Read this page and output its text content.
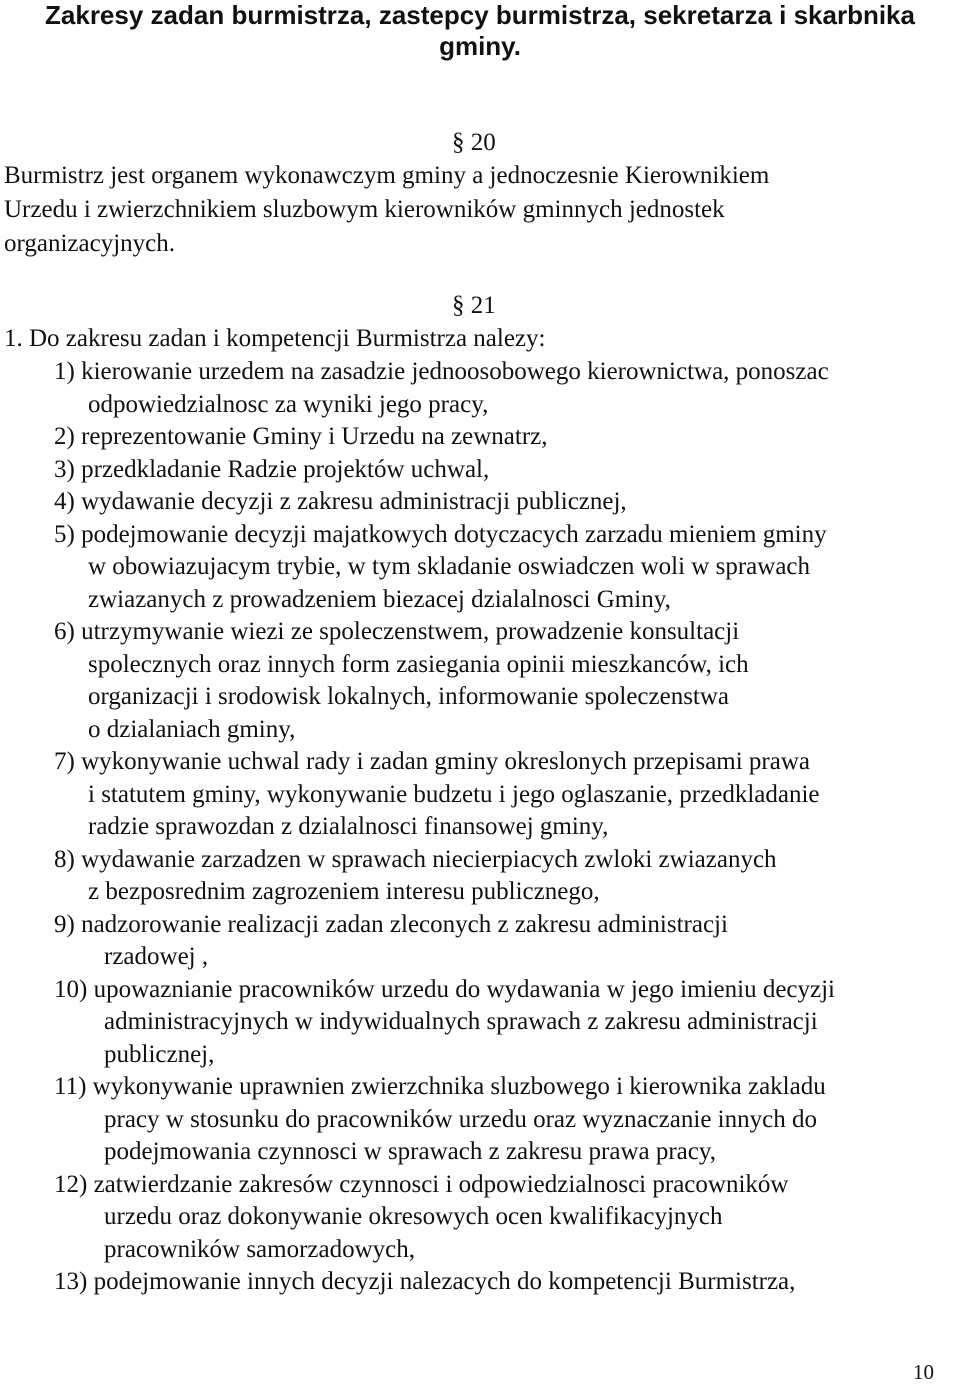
Zakresy zadan burmistrza, zastepcy burmistrza, sekretarza i skarbnika
gminy.
§ 20
Burmistrz jest organem wykonawczym gminy a jednoczesnie Kierownikiem
Urzedu i zwierzchnikiem sluzbowym kierowników gminnych jednostek
organizacyjnych.
§ 21
1. Do zakresu zadan i kompetencji Burmistrza nalezy:
1) kierowanie urzedem na zasadzie jednoosobowego kierownictwa, ponoszac
odpowiedzialnosc za wyniki jego pracy,
2) reprezentowanie Gminy i Urzedu na zewnatrz,
3) przedkladanie Radzie projektów uchwal,
4) wydawanie decyzji z zakresu administracji publicznej,
5) podejmowanie decyzji majatkowych dotyczacych zarzadu mieniem gminy
w obowiazujacym trybie, w tym skladanie oswiadczen woli w sprawach
zwiazanych z prowadzeniem biezacej dzialalnosci Gminy,
6) utrzymywanie wiezi ze spoleczenstwem, prowadzenie konsultacji
spolecznych oraz innych form zasiegania opinii mieszkanców, ich
organizacji i srodowisk lokalnych, informowanie spoleczenstwa
o dzialaniach gminy,
7) wykonywanie uchwal rady i zadan gminy okreslonych przepisami prawa
i statutem gminy, wykonywanie budzetu i jego oglaszanie, przedkladanie
radzie sprawozdan z dzialalnosci finansowej gminy,
8) wydawanie zarzadzen w sprawach niecierpiacych zwloki zwiazanych
z bezposrednim zagrozeniem interesu publicznego,
9) nadzorowanie realizacji zadan zleconych z zakresu administracji
rzadowej ,
10) upowaznianie pracowników urzedu do wydawania w jego imieniu decyzji
administracyjnych w indywidualnych sprawach z zakresu administracji
publicznej,
11) wykonywanie uprawnien zwierzchnika sluzbowego i kierownika zakladu
pracy w stosunku do pracowników urzedu oraz wyznaczanie innych do
podejmowania czynnosci w sprawach z zakresu prawa pracy,
12) zatwierdzanie zakresów czynnosci i odpowiedzialnosci pracowników
urzedu oraz dokonywanie okresowych ocen kwalifikacyjnych
pracowników samorzadowych,
13) podejmowanie innych decyzji nalezacych do kompetencji Burmistrza,
10
